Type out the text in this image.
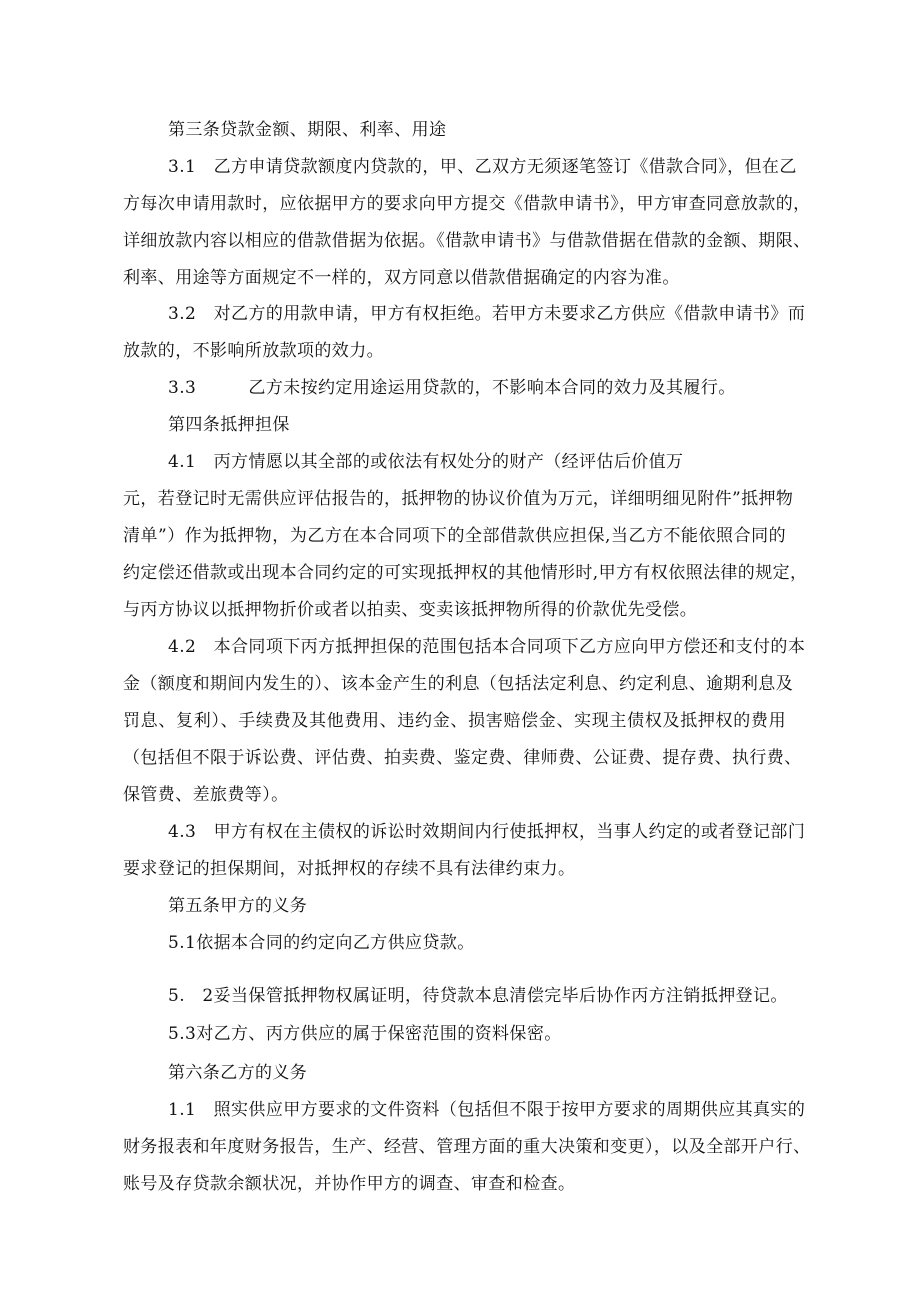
第三条贷款金额、期限、利率、用途
3.1　乙方申请贷款额度内贷款的，甲、乙双方无须逐笔签订《借款合同》，但在乙
方每次申请用款时，应依据甲方的要求向甲方提交《借款申请书》，甲方审查同意放款的，
详细放款内容以相应的借款借据为依据。《借款申请书》与借款借据在借款的金额、期限、
利率、用途等方面规定不一样的，双方同意以借款借据确定的内容为准。
3.2　对乙方的用款申请，甲方有权拒绝。若甲方未要求乙方供应《借款申请书》而
放款的，不影响所放款项的效力。
3.3　　　乙方未按约定用途运用贷款的，不影响本合同的效力及其履行。
第四条抵押担保
4.1　丙方情愿以其全部的或依法有权处分的财产（经评估后价值万
元，若登记时无需供应评估报告的，抵押物的协议价值为万元，详细明细见附件”抵押物
清单”）作为抵押物，为乙方在本合同项下的全部借款供应担保,当乙方不能依照合同的
约定偿还借款或出现本合同约定的可实现抵押权的其他情形时,甲方有权依照法律的规定，
与丙方协议以抵押物折价或者以拍卖、变卖该抵押物所得的价款优先受偿。
4.2　本合同项下丙方抵押担保的范围包括本合同项下乙方应向甲方偿还和支付的本
金（额度和期间内发生的）、该本金产生的利息（包括法定利息、约定利息、逾期利息及
罚息、复利）、手续费及其他费用、违约金、损害赔偿金、实现主债权及抵押权的费用
（包括但不限于诉讼费、评估费、拍卖费、鉴定费、律师费、公证费、提存费、执行费、
保管费、差旅费等）。
4.3　甲方有权在主债权的诉讼时效期间内行使抵押权，当事人约定的或者登记部门
要求登记的担保期间，对抵押权的存续不具有法律约束力。
第五条甲方的义务
5.1依据本合同的约定向乙方供应贷款。
5.　2妥当保管抵押物权属证明，待贷款本息清偿完毕后协作丙方注销抵押登记。
5.3对乙方、丙方供应的属于保密范围的资料保密。
第六条乙方的义务
1.1　照实供应甲方要求的文件资料（包括但不限于按甲方要求的周期供应其真实的
财务报表和年度财务报告，生产、经营、管理方面的重大决策和变更），以及全部开户行、
账号及存贷款余额状况，并协作甲方的调查、审查和检查。
